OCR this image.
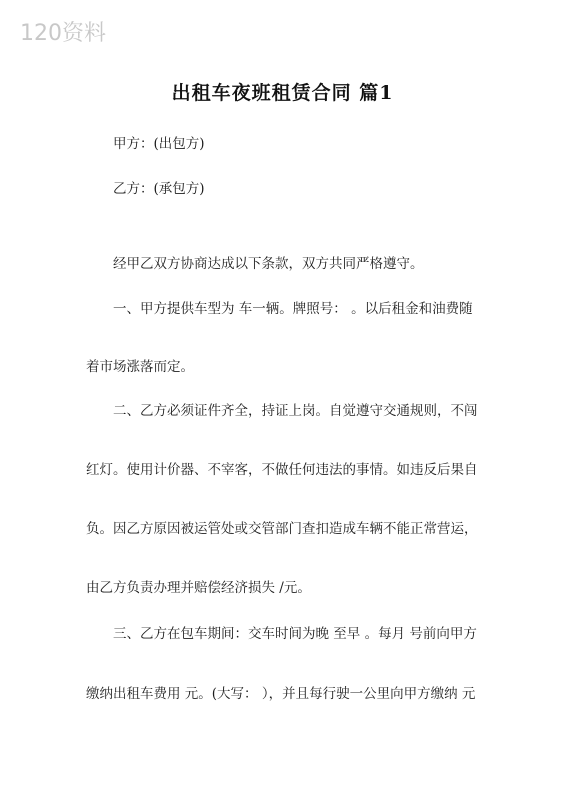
120资料
出租车夜班租赁合同 篇1
甲方：(出包方)
乙方：(承包方)
经甲乙双方协商达成以下条款，双方共同严格遵守。
一、甲方提供车型为 车一辆。牌照号： 。以后租金和油费随
着市场涨落而定。
二、乙方必须证件齐全，持证上岗。自觉遵守交通规则，不闯
红灯。使用计价器、不宰客，不做任何违法的事情。如违反后果自
负。因乙方原因被运管处或交管部门查扣造成车辆不能正常营运，
由乙方负责办理并赔偿经济损失 /元。
三、乙方在包车期间：交车时间为晚 至早 。每月 号前向甲方
缴纳出租车费用 元。(大写： ），并且每行驶一公里向甲方缴纳 元
